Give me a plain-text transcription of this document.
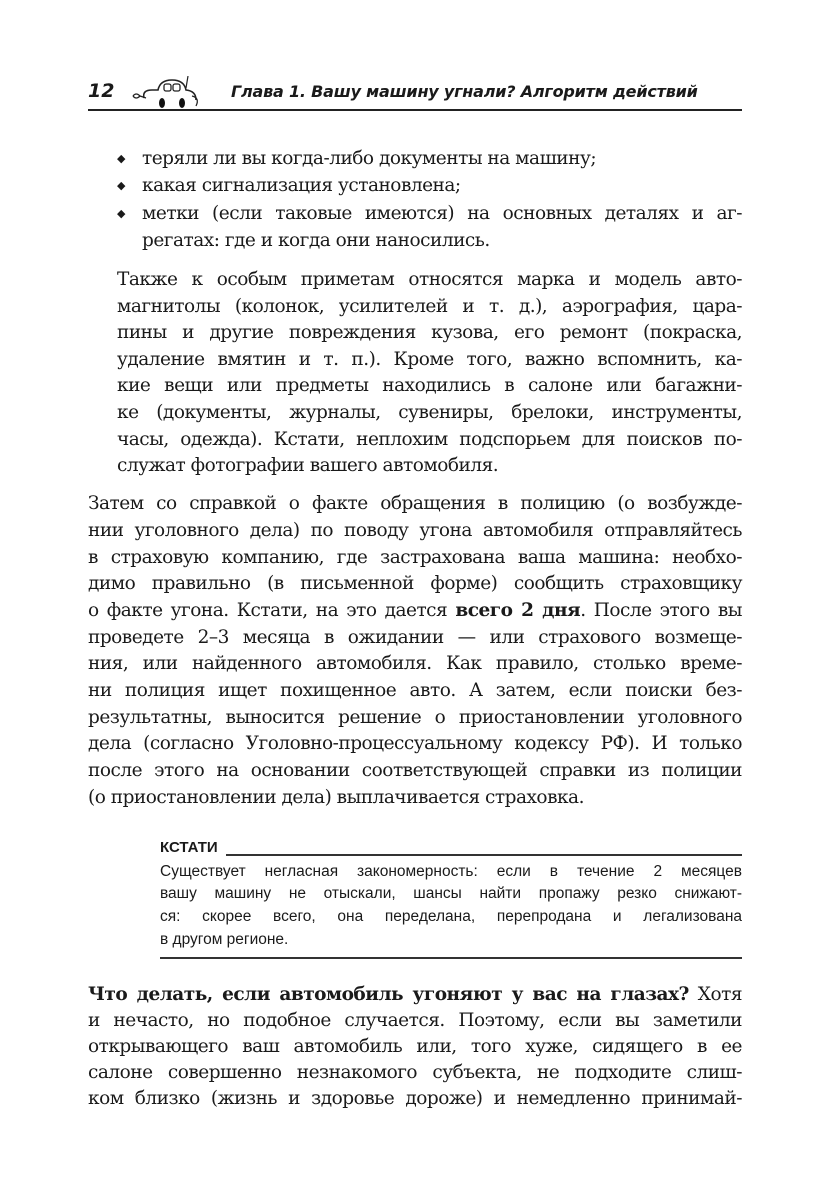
12	Глава 1. Вашу машину угнали? Алгоритм действий
◆ теряли ли вы когда-либо документы на машину;
◆ какая сигнализация установлена;
◆ метки (если таковые имеются) на основных деталях и аг-
регатах: где и когда они наносились.
Также к особым приметам относятся марка и модель авто-
магнитолы (колонок, усилителей и т. д.), аэрография, цара-
пины и другие повреждения кузова, его ремонт (покраска,
удаление вмятин и т. п.). Кроме того, важно вспомнить, ка-
кие вещи или предметы находились в салоне или багажни-
ке (документы, журналы, сувениры, брелоки, инструменты,
часы, одежда). Кстати, неплохим подспорьем для поисков по-
служат фотографии вашего автомобиля.
Затем со справкой о факте обращения в полицию (о возбужде-
нии уголовного дела) по поводу угона автомобиля отправляйтесь
в страховую компанию, где застрахована ваша машина: необхо-
димо правильно (в письменной форме) сообщить страховщику
о факте угона. Кстати, на это дается всего 2 дня. После этого вы
проведете 2–3 месяца в ожидании — или страхового возмеще-
ния, или найденного автомобиля. Как правило, столько време-
ни полиция ищет похищенное авто. А затем, если поиски без-
результатны, выносится решение о приостановлении уголовного
дела (согласно Уголовно-процессуальному кодексу РФ). И только
после этого на основании соответствующей справки из полиции
(о приостановлении дела) выплачивается страховка.
КСТАТИ
Существует негласная закономерность: если в течение 2 месяцев
вашу машину не отыскали, шансы найти пропажу резко снижают-
ся: скорее всего, она переделана, перепродана и легализована
в другом регионе.
Что делать, если автомобиль угоняют у вас на глазах? Хотя
и нечасто, но подобное случается. Поэтому, если вы заметили
открывающего ваш автомобиль или, того хуже, сидящего в ее
салоне совершенно незнакомого субъекта, не подходите слиш-
ком близко (жизнь и здоровье дороже) и немедленно принимай-
